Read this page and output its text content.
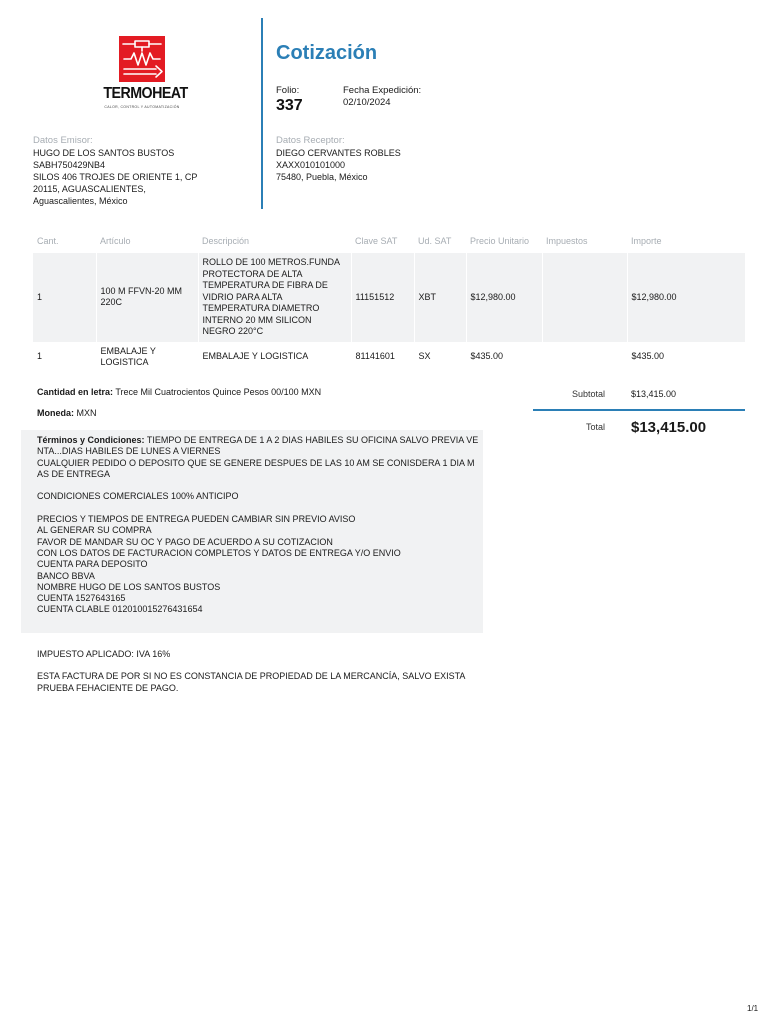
TERMOHEAT
CALOR, CONTROL Y AUTOMATIZACIÓN
Cotización
Folio:
337
Fecha Expedición:
02/10/2024
Datos Emisor:
HUGO DE LOS SANTOS BUSTOS
SABH750429NB4
SILOS 406 TROJES DE ORIENTE 1, CP
20115, AGUASCALIENTES,
Aguascalientes, México
Datos Receptor:
DIEGO CERVANTES ROBLES
XAXX010101000
75480, Puebla, México
Cant.	Artículo	Descripción	Clave SAT	Ud. SAT	Precio Unitario	Impuestos	Importe
1	100 M FFVN-20 MM 220C	ROLLO DE 100 METROS.FUNDA PROTECTORA DE ALTA TEMPERATURA DE FIBRA DE VIDRIO PARA ALTA TEMPERATURA DIAMETRO INTERNO 20 MM SILICON NEGRO 220°C	11151512	XBT	$12,980.00		$12,980.00
1	EMBALAJE Y LOGISTICA	EMBALAJE Y LOGISTICA	81141601	SX	$435.00		$435.00
Cantidad en letra: Trece Mil Cuatrocientos Quince Pesos 00/100 MXN
Moneda: MXN
Subtotal	$13,415.00
Total $13,415.00
Términos y Condiciones: TIEMPO DE ENTREGA DE 1 A 2 DIAS HABILES SU OFICINA SALVO PREVIA VE
NTA...DIAS HABILES DE LUNES A VIERNES
CUALQUIER PEDIDO O DEPOSITO QUE SE GENERE DESPUES DE LAS 10 AM SE CONISDERA 1 DIA M
AS DE ENTREGA

CONDICIONES COMERCIALES 100% ANTICIPO

PRECIOS Y TIEMPOS DE ENTREGA PUEDEN CAMBIAR SIN PREVIO AVISO
AL GENERAR SU COMPRA
FAVOR DE MANDAR SU OC Y PAGO DE ACUERDO A SU COTIZACION
CON LOS DATOS DE FACTURACION COMPLETOS Y DATOS DE ENTREGA Y/O ENVIO
CUENTA PARA DEPOSITO
BANCO BBVA
NOMBRE HUGO DE LOS SANTOS BUSTOS
CUENTA 1527643165
CUENTA CLABLE 012010015276431654
IMPUESTO APLICADO: IVA 16%
ESTA FACTURA DE POR SI NO ES CONSTANCIA DE PROPIEDAD DE LA MERCANCÍA, SALVO EXISTA PRUEBA FEHACIENTE DE PAGO.
1/1
